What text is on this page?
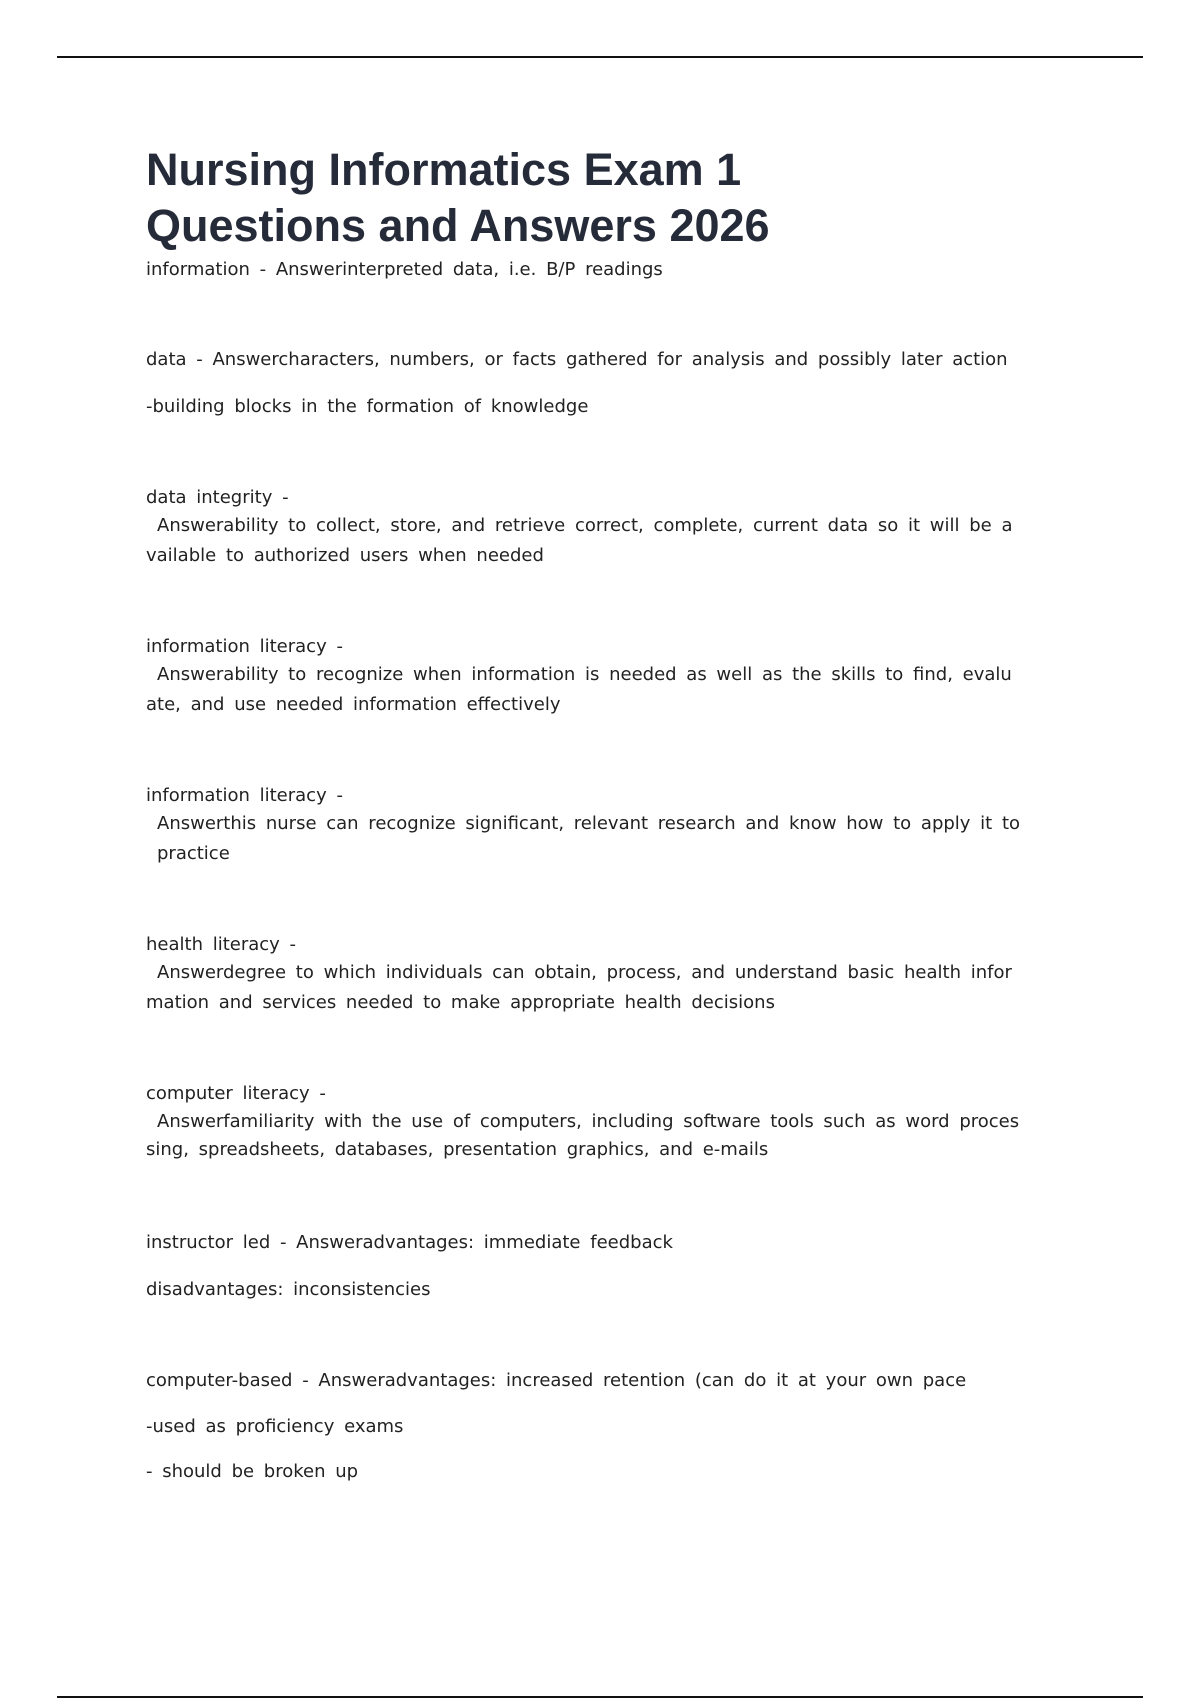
Nursing Informatics Exam 1
Questions and Answers 2026

information - Answerinterpreted data, i.e. B/P readings

data - Answercharacters, numbers, or facts gathered for analysis and possibly later action

-building blocks in the formation of knowledge

data integrity -

Answerability to collect, store, and retrieve correct, complete, current data so it will be a

vailable to authorized users when needed

information literacy -

Answerability to recognize when information is needed as well as the skills to find, evalu

ate, and use needed information effectively

information literacy -

Answerthis nurse can recognize significant, relevant research and know how to apply it to

practice

health literacy -

Answerdegree to which individuals can obtain, process, and understand basic health infor

mation and services needed to make appropriate health decisions

computer literacy -

Answerfamiliarity with the use of computers, including software tools such as word proces

sing, spreadsheets, databases, presentation graphics, and e-mails

instructor led - Answeradvantages: immediate feedback

disadvantages: inconsistencies

computer-based - Answeradvantages: increased retention (can do it at your own pace

-used as proficiency exams

- should be broken up
